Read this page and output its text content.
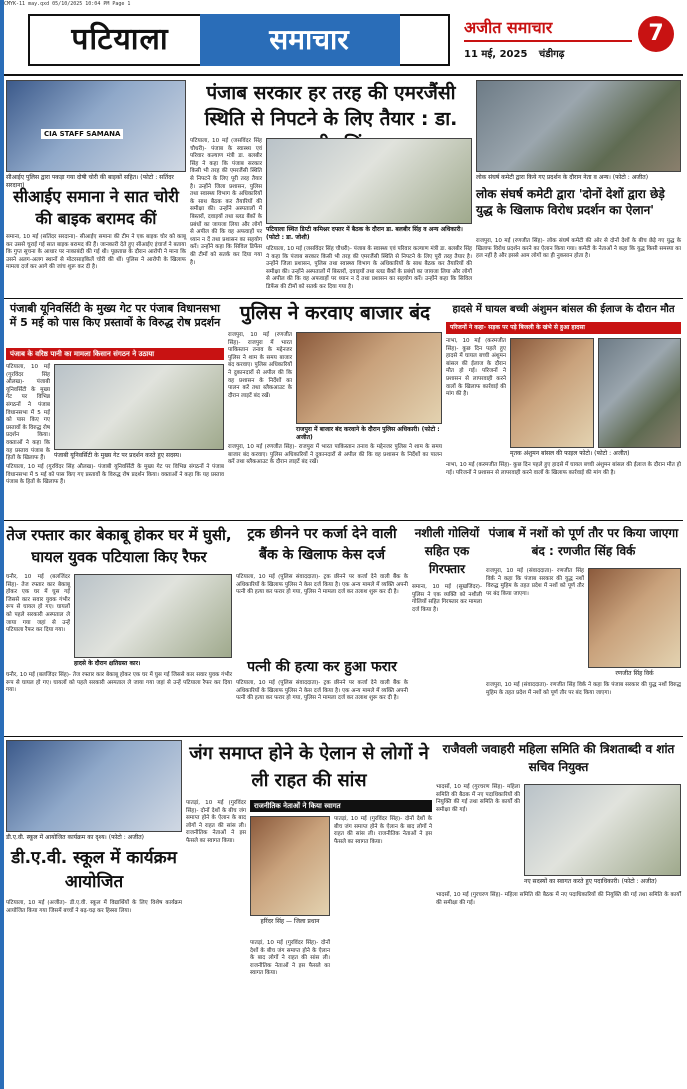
CMYK-11 may.qxd 05/10/2025 10:04 PM Page 1
पटियाला	समाचार	अजीत समाचार
11 मई, 2025 चंडीगढ़
7
CIA STAFF SAMANA
सीआईए पुलिस द्वारा पकड़ा गया दोषी चोरी की बाइकों सहित। (फोटो : सतिंदर सरदाना)
सीआईए समाना ने सात चोरी की बाइक बरामद कीं
समाना, 10 मई (सतिंदर सरदाना)- सीआईए समाना की टीम ने एक बाइक चोर को काबू कर उससे चुराई गई सात बाइक बरामद की हैं। जानकारी देते हुए सीआईए इंचार्ज ने बताया कि गुप्त सूचना के आधार पर नाकाबंदी की गई थी। पूछताछ के दौरान आरोपी ने माना कि उसने अलग-अलग स्थानों से मोटरसाइकिलें चोरी की थीं। पुलिस ने आरोपी के खिलाफ मामला दर्ज कर आगे की जांच शुरू कर दी है।
पंजाब सरकार हर तरह की एमरजैंसी स्थिति से निपटने के लिए तैयार : डा.
पटियाला, 10 मई (जसविंदर सिंह चौधरी)- पंजाब के स्वास्थ्य एवं परिवार कल्याण मंत्री डा. बलबीर सिंह ने कहा कि पंजाब सरकार किसी भी तरह की एमरजैंसी स्थिति से निपटने के लिए पूरी तरह तैयार है। उन्होंने जिला प्रशासन, पुलिस तथा स्वास्थ्य विभाग के अधिकारियों के साथ बैठक कर तैयारियों की समीक्षा की। उन्होंने अस्पतालों में बिस्तरों, दवाइयों तथा ब्लड बैंकों के प्रबंधों का जायजा लिया और लोगों से अपील की कि वह अफवाहों पर ध्यान न दें तथा प्रशासन का सहयोग करें। उन्होंने कहा कि सिविल डिफेंस की टीमों को सतर्क कर दिया गया है।
पटियाला स्थित डिप्टी कमिश्नर दफ्तर में बैठक के दौरान डा. बलबीर सिंह व अन्य अधिकारी। (फोटो : डा. जोशी)
पटियाला, 10 मई (जसविंदर सिंह चौधरी)- पंजाब के स्वास्थ्य एवं परिवार कल्याण मंत्री डा. बलबीर सिंह ने कहा कि पंजाब सरकार किसी भी तरह की एमरजैंसी स्थिति से निपटने के लिए पूरी तरह तैयार है। उन्होंने जिला प्रशासन, पुलिस तथा स्वास्थ्य विभाग के अधिकारियों के साथ बैठक कर तैयारियों की समीक्षा की। उन्होंने अस्पतालों में बिस्तरों, दवाइयों तथा ब्लड बैंकों के प्रबंधों का जायजा लिया और लोगों से अपील की कि वह अफवाहों पर ध्यान न दें तथा प्रशासन का सहयोग करें। उन्होंने कहा कि सिविल डिफेंस की टीमों को सतर्क कर दिया गया है।
लोक संघर्ष कमेटी द्वारा किये गए प्रदर्शन के दौरान नेता व अन्य। (फोटो : अजीत)
लोक संघर्ष कमेटी द्वारा 'दोनों देशों द्वारा छेड़े युद्ध के खिलाफ विरोध प्रदर्शन का ऐलान'
राजपुरा, 10 मई (रणजीत सिंह)- लोक संघर्ष कमेटी की ओर से दोनों देशों के बीच छेड़े गए युद्ध के खिलाफ विरोध प्रदर्शन करने का ऐलान किया गया। कमेटी के नेताओं ने कहा कि युद्ध किसी समस्या का हल नहीं है और इससे आम लोगों का ही नुकसान होता है।
पंजाबी यूनिवर्सिटी के मुख्य गेट पर पंजाब विधानसभा में 5 मई को पास किए प्रस्तावों के विरुद्ध रोष प्रदर्शन
पंजाब के वरिष्ठ पानी का मामला किसान संगठन ने उठाया
पटियाला, 10 मई (गुरविंदर सिंह औलख)- पंजाबी यूनिवर्सिटी के मुख्य गेट पर विभिन्न संगठनों ने पंजाब विधानसभा में 5 मई को पास किए गए प्रस्तावों के विरुद्ध रोष प्रदर्शन किया। वक्ताओं ने कहा कि यह प्रस्ताव पंजाब के हितों के खिलाफ हैं।	पंजाबी यूनिवर्सिटी के मुख्य गेट पर प्रदर्शन करते हुए सदस्य।
पटियाला, 10 मई (गुरविंदर सिंह औलख)- पंजाबी यूनिवर्सिटी के मुख्य गेट पर विभिन्न संगठनों ने पंजाब विधानसभा में 5 मई को पास किए गए प्रस्तावों के विरुद्ध रोष प्रदर्शन किया। वक्ताओं ने कहा कि यह प्रस्ताव पंजाब के हितों के खिलाफ हैं।
पुलिस ने करवाए बाजार बंद
राजपुरा, 10 मई (रणजीत सिंह)- राजपुरा में भारत पाकिस्तान तनाव के मद्देनजर पुलिस ने शाम के समय बाजार बंद करवाए। पुलिस अधिकारियों ने दुकानदारों से अपील की कि वह प्रशासन के निर्देशों का पालन करें तथा ब्लैकआउट के दौरान लाइटें बंद रखें।
राजपुरा में बाजार बंद करवाने के दौरान पुलिस अधिकारी। (फोटो : अजीत)
राजपुरा, 10 मई (रणजीत सिंह)- राजपुरा में भारत पाकिस्तान तनाव के मद्देनजर पुलिस ने शाम के समय बाजार बंद करवाए। पुलिस अधिकारियों ने दुकानदारों से अपील की कि वह प्रशासन के निर्देशों का पालन करें तथा ब्लैकआउट के दौरान लाइटें बंद रखें।
हादसे में घायल बच्ची अंशुमन बांसल की ईलाज के दौरान मौत
परिजनों ने कहा- सड़क पर पड़े बिजली के खंभे से हुआ हादसा
नाभा, 10 मई (करमजीत सिंह)- कुछ दिन पहले हुए हादसे में घायल बच्ची अंशुमन बांसल की ईलाज के दौरान मौत हो गई। परिजनों ने प्रशासन से लापरवाही करने वालों के खिलाफ कार्रवाई की मांग की है।
मृतक अंशुमन बांसल की फाइल फोटो। (फोटो : अजीत)
नाभा, 10 मई (करमजीत सिंह)- कुछ दिन पहले हुए हादसे में घायल बच्ची अंशुमन बांसल की ईलाज के दौरान मौत हो गई। परिजनों ने प्रशासन से लापरवाही करने वालों के खिलाफ कार्रवाई की मांग की है।
तेज रफ्तार कार बेकाबू होकर घर में घुसी, घायल युवक पटियाला किए रैफर
घनौर, 10 मई (बलजिंदर सिंह)- तेज रफ्तार कार बेकाबू होकर एक घर में घुस गई जिससे कार सवार युवक गंभीर रूप से घायल हो गए। घायलों को पहले सरकारी अस्पताल ले जाया गया जहां से उन्हें पटियाला रैफर कर दिया गया।
हादसे के दौरान क्षतिग्रस्त कार।
घनौर, 10 मई (बलजिंदर सिंह)- तेज रफ्तार कार बेकाबू होकर एक घर में घुस गई जिससे कार सवार युवक गंभीर रूप से घायल हो गए। घायलों को पहले सरकारी अस्पताल ले जाया गया जहां से उन्हें पटियाला रैफर कर दिया गया।
ट्रक छीनने पर कर्जा देने वाली बैंक के खिलाफ केस दर्ज
पटियाला, 10 मई (पुलिस संवाददाता)- ट्रक छीनने पर कर्जा देने वाली बैंक के अधिकारियों के खिलाफ पुलिस ने केस दर्ज किया है। एक अन्य मामले में व्यक्ति अपनी पत्नी की हत्या कर फरार हो गया, पुलिस ने मामला दर्ज कर तलाश शुरू कर दी है।
पत्नी की हत्या कर हुआ फरार
पटियाला, 10 मई (पुलिस संवाददाता)- ट्रक छीनने पर कर्जा देने वाली बैंक के अधिकारियों के खिलाफ पुलिस ने केस दर्ज किया है। एक अन्य मामले में व्यक्ति अपनी पत्नी की हत्या कर फरार हो गया, पुलिस ने मामला दर्ज कर तलाश शुरू कर दी है।
नशीली गोलियों सहित एक गिरफ्तार
समाना, 10 मई (सुखजिंदर)- पुलिस ने एक व्यक्ति को नशीली गोलियों सहित गिरफ्तार कर मामला दर्ज किया है।
पंजाब में नशों को पूर्ण तौर पर किया जाएगा बंद : रणजीत सिंह विर्क
राजपुरा, 10 मई (संवाददाता)- रणजीत सिंह विर्क ने कहा कि पंजाब सरकार की युद्ध नशों विरुद्ध मुहिम के तहत प्रदेश में नशों को पूर्ण तौर पर बंद किया जाएगा।
रणजीत सिंह विर्क
राजपुरा, 10 मई (संवाददाता)- रणजीत सिंह विर्क ने कहा कि पंजाब सरकार की युद्ध नशों विरुद्ध मुहिम के तहत प्रदेश में नशों को पूर्ण तौर पर बंद किया जाएगा।
डी.ए.वी. स्कूल में आयोजित कार्यक्रम का दृश्य। (फोटो : अजीत)
डी.ए.वी. स्कूल में कार्यक्रम आयोजित
पटियाला, 10 मई (अजीत)- डी.ए.वी. स्कूल में विद्यार्थियों के लिए विशेष कार्यक्रम आयोजित किया गया जिसमें बच्चों ने बढ़-चढ़ कर हिस्सा लिया।
जंग समाप्त होने के ऐलान से लोगों ने ली राहत की सांस
पातड़ां, 10 मई (गुरविंदर सिंह)- दोनों देशों के बीच जंग समाप्त होने के ऐलान के बाद लोगों ने राहत की सांस ली। राजनीतिक नेताओं ने इस फैसले का स्वागत किया।
राजनीतिक नेताओं ने किया स्वागत
हरिंदर सिंह — जिला प्रधान
पातड़ां, 10 मई (गुरविंदर सिंह)- दोनों देशों के बीच जंग समाप्त होने के ऐलान के बाद लोगों ने राहत की सांस ली। राजनीतिक नेताओं ने इस फैसले का स्वागत किया।
पातड़ां, 10 मई (गुरविंदर सिंह)- दोनों देशों के बीच जंग समाप्त होने के ऐलान के बाद लोगों ने राहत की सांस ली। राजनीतिक नेताओं ने इस फैसले का स्वागत किया।
राजैवली जवाहरी महिला समिति की त्रिशताब्दी व शांत सचिव नियुक्त
भादसों, 10 मई (गुरचरण सिंह)- महिला समिति की बैठक में नए पदाधिकारियों की नियुक्ति की गई तथा समिति के कार्यों की समीक्षा की गई।
नए सदस्यों का स्वागत करते हुए पदाधिकारी। (फोटो : अजीत)
भादसों, 10 मई (गुरचरण सिंह)- महिला समिति की बैठक में नए पदाधिकारियों की नियुक्ति की गई तथा समिति के कार्यों की समीक्षा की गई।
